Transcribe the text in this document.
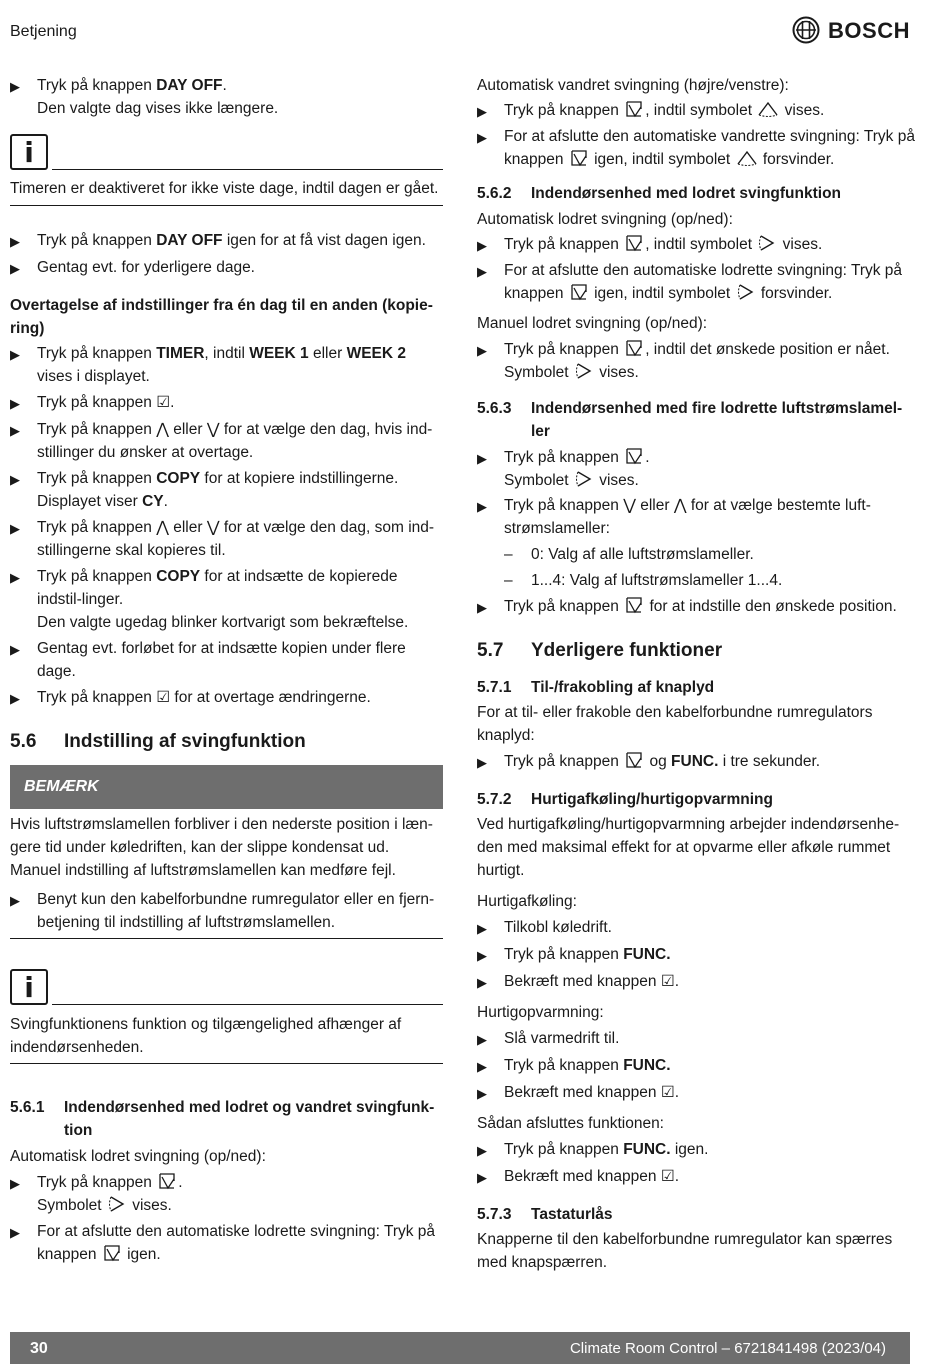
Betjening	BOSCH
▶	Tryk på knappen DAY OFF.
Den valgte dag vises ikke længere.
i

Timeren er deaktiveret for ikke viste dage, indtil dagen er gået.

▶	Tryk på knappen DAY OFF igen for at få vist dagen igen.
▶	Gentag evt. for yderligere dage.

Overtagelse af indstillinger fra én dag til en anden (kopie-ring)

▶	Tryk på knappen TIMER, indtil WEEK 1 eller WEEK 2 vises i displayet.
▶	Tryk på knappen ☑.
▶	Tryk på knappen ⋀ eller ⋁ for at vælge den dag, hvis ind-stillinger du ønsker at overtage.
▶	Tryk på knappen COPY for at kopiere indstillingerne.
Displayet viser CY.
▶	Tryk på knappen ⋀ eller ⋁ for at vælge den dag, som ind-stillingerne skal kopieres til.
▶	Tryk på knappen COPY for at indsætte de kopierede indstil-linger.
Den valgte ugedag blinker kortvarigt som bekræftelse.
▶	Gentag evt. forløbet for at indsætte kopien under flere dage.
▶	Tryk på knappen ☑ for at overtage ændringerne.
5.6	Indstilling af svingfunktion
BEMÆRK

Hvis luftstrømslamellen forbliver i den nederste position i læn-gere tid under køledriften, kan der slippe kondensat ud. Manuel indstilling af luftstrømslamellen kan medføre fejl.

▶	Benyt kun den kabelforbundne rumregulator eller en fjern-betjening til indstilling af luftstrømslamellen.
i

Svingfunktionens funktion og tilgængelighed afhænger af indendørsenheden.

5.6.1	Indendørsenhed med lodret og vandret svingfunk-tion

Automatisk lodret svingning (op/ned):

▶	Tryk på knappen .
Symbolet  vises.
▶	For at afslutte den automatiske lodrette svingning: Tryk på knappen  igen.

Automatisk vandret svingning (højre/venstre):

▶	Tryk på knappen , indtil symbolet  vises.
▶	For at afslutte den automatiske vandrette svingning: Tryk på knappen  igen, indtil symbolet  forsvinder.
5.6.2	Indendørsenhed med lodret svingfunktion

Automatisk lodret svingning (op/ned):

▶	Tryk på knappen , indtil symbolet  vises.
▶	For at afslutte den automatiske lodrette svingning: Tryk på knappen  igen, indtil symbolet  forsvinder.

Manuel lodret svingning (op/ned):

▶	Tryk på knappen , indtil det ønskede position er nået.
Symbolet  vises.
5.6.3	Indendørsenhed med fire lodrette luftstrømslamel-ler
▶	Tryk på knappen .
Symbolet  vises.
▶	Tryk på knappen ⋁ eller ⋀ for at vælge bestemte luft-strømslameller:
–	0: Valg af alle luftstrømslameller.
–	1...4: Valg af luftstrømslameller 1...4.
▶	Tryk på knappen  for at indstille den ønskede position.
5.7	Yderligere funktioner
5.7.1	Til-/frakobling af knaplyd

For at til- eller frakoble den kabelforbundne rumregulators knaplyd:

▶	Tryk på knappen  og FUNC. i tre sekunder.
5.7.2	Hurtigafkøling/hurtigopvarmning

Ved hurtigafkøling/hurtigopvarmning arbejder indendørsenhe-den med maksimal effekt for at opvarme eller afkøle rummet hurtigt.

Hurtigafkøling:

▶	Tilkobl køledrift.
▶	Tryk på knappen FUNC.
▶	Bekræft med knappen ☑.

Hurtigopvarmning:

▶	Slå varmedrift til.
▶	Tryk på knappen FUNC.
▶	Bekræft med knappen ☑.

Sådan afsluttes funktionen:

▶	Tryk på knappen FUNC. igen.
▶	Bekræft med knappen ☑.
5.7.3	Tastaturlås

Knapperne til den kabelforbundne rumregulator kan spærres med knapspærren.

30	Climate Room Control – 6721841498 (2023/04)
